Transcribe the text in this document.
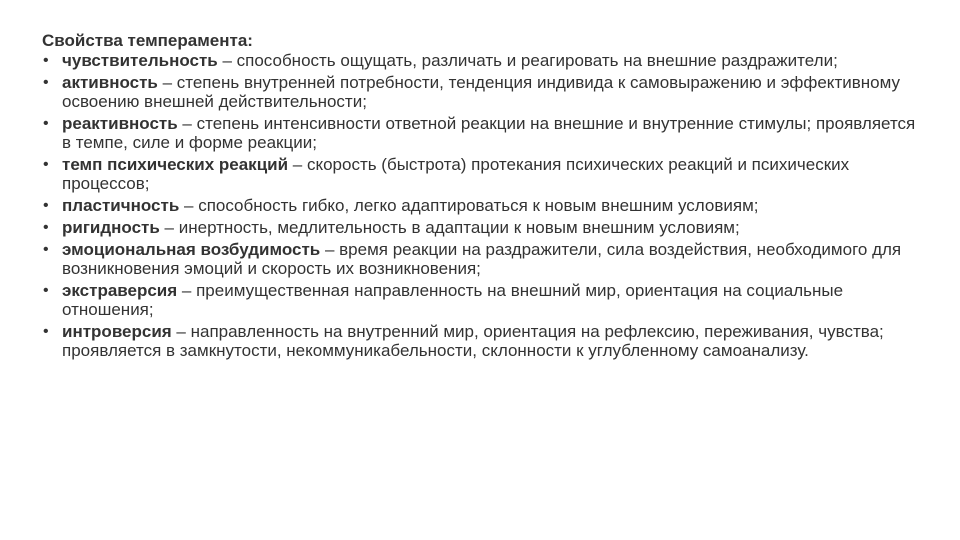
Свойства темперамента:
• чувствительность – способность ощущать, различать и реагировать на внешние раздражители;
• активность – степень внутренней потребности, тенденция индивида к самовыражению и эффективному освоению внешней действительности;
• реактивность – степень интенсивности ответной реакции на внешние и внутренние стимулы; проявляется в темпе, силе и форме реакции;
• темп психических реакций – скорость (быстрота) протекания психических реакций и психических процессов;
• пластичность – способность гибко, легко адаптироваться к новым внешним условиям;
• ригидность – инертность, медлительность в адаптации к новым внешним условиям;
• эмоциональная возбудимость – время реакции на раздражители, сила воздействия, необходимого для возникновения эмоций и скорость их возникновения;
• экстраверсия – преимущественная направленность на внешний мир, ориентация на социальные отношения;
• интроверсия – направленность на внутренний мир, ориентация на рефлексию, переживания, чувства; проявляется в замкнутости, некоммуникабельности, склонности к углубленному самоанализу.
